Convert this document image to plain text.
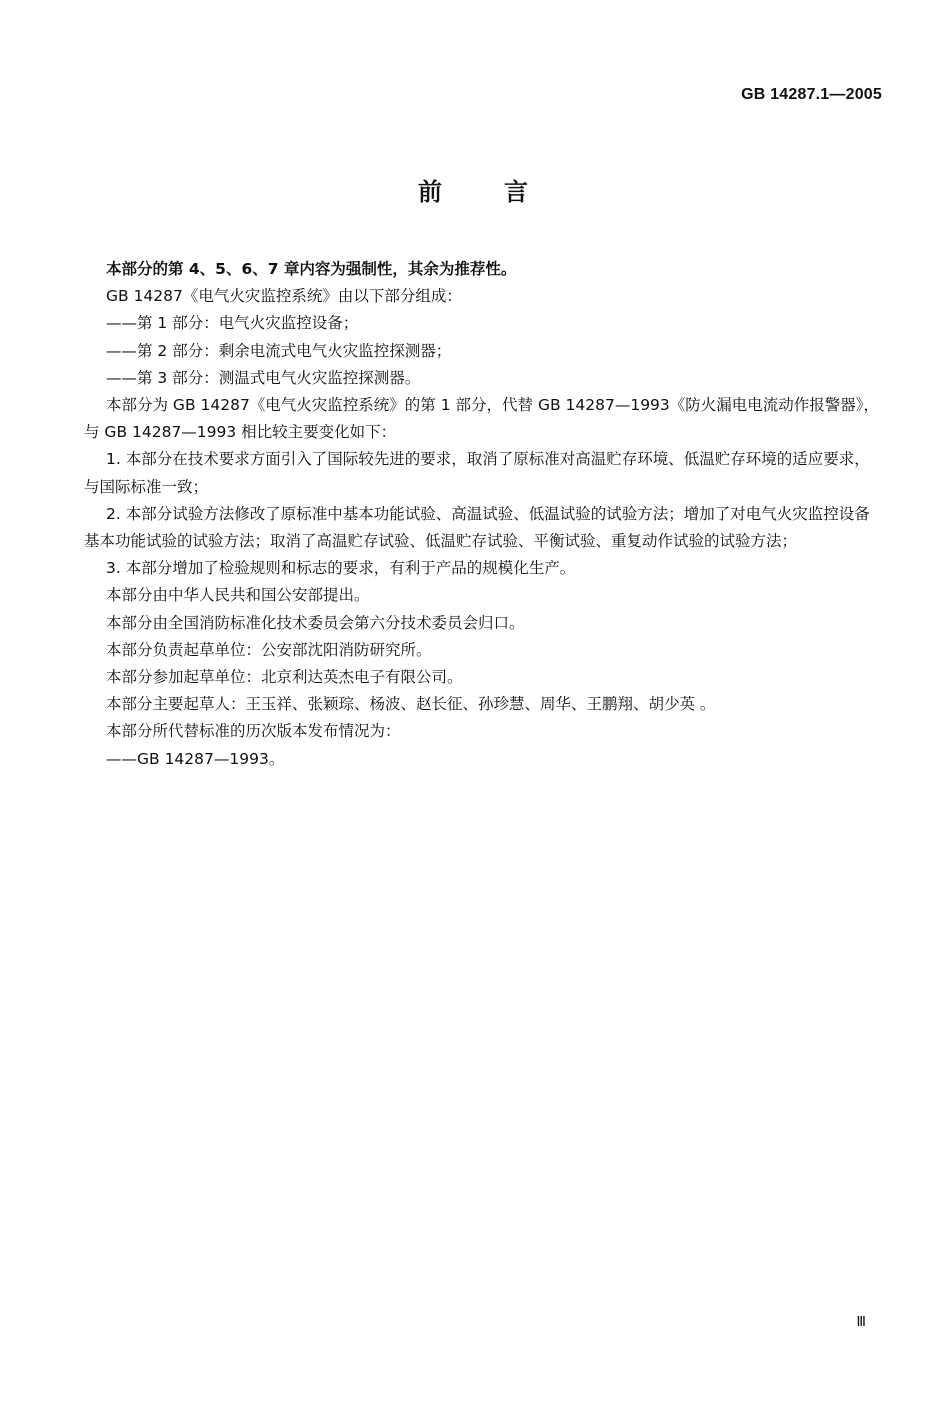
GB 14287.1—2005
前言

本部分的第 4、5、6、7 章内容为强制性，其余为推荐性。

GB 14287《电气火灾监控系统》由以下部分组成：

——第 1 部分：电气火灾监控设备；

——第 2 部分：剩余电流式电气火灾监控探测器；

——第 3 部分：测温式电气火灾监控探测器。

本部分为 GB 14287《电气火灾监控系统》的第 1 部分，代替 GB 14287—1993《防火漏电电流动作报警器》，与 GB 14287—1993 相比较主要变化如下：

1. 本部分在技术要求方面引入了国际较先进的要求，取消了原标准对高温贮存环境、低温贮存环境的适应要求，与国际标准一致；

2. 本部分试验方法修改了原标准中基本功能试验、高温试验、低温试验的试验方法；增加了对电气火灾监控设备基本功能试验的试验方法；取消了高温贮存试验、低温贮存试验、平衡试验、重复动作试验的试验方法；

3. 本部分增加了检验规则和标志的要求，有利于产品的规模化生产。

本部分由中华人民共和国公安部提出。

本部分由全国消防标准化技术委员会第六分技术委员会归口。

本部分负责起草单位：公安部沈阳消防研究所。

本部分参加起草单位：北京利达英杰电子有限公司。

本部分主要起草人：王玉祥、张颖琮、杨波、赵长征、孙珍慧、周华、王鹏翔、胡少英 。

本部分所代替标准的历次版本发布情况为：

——GB 14287—1993。

Ⅲ
